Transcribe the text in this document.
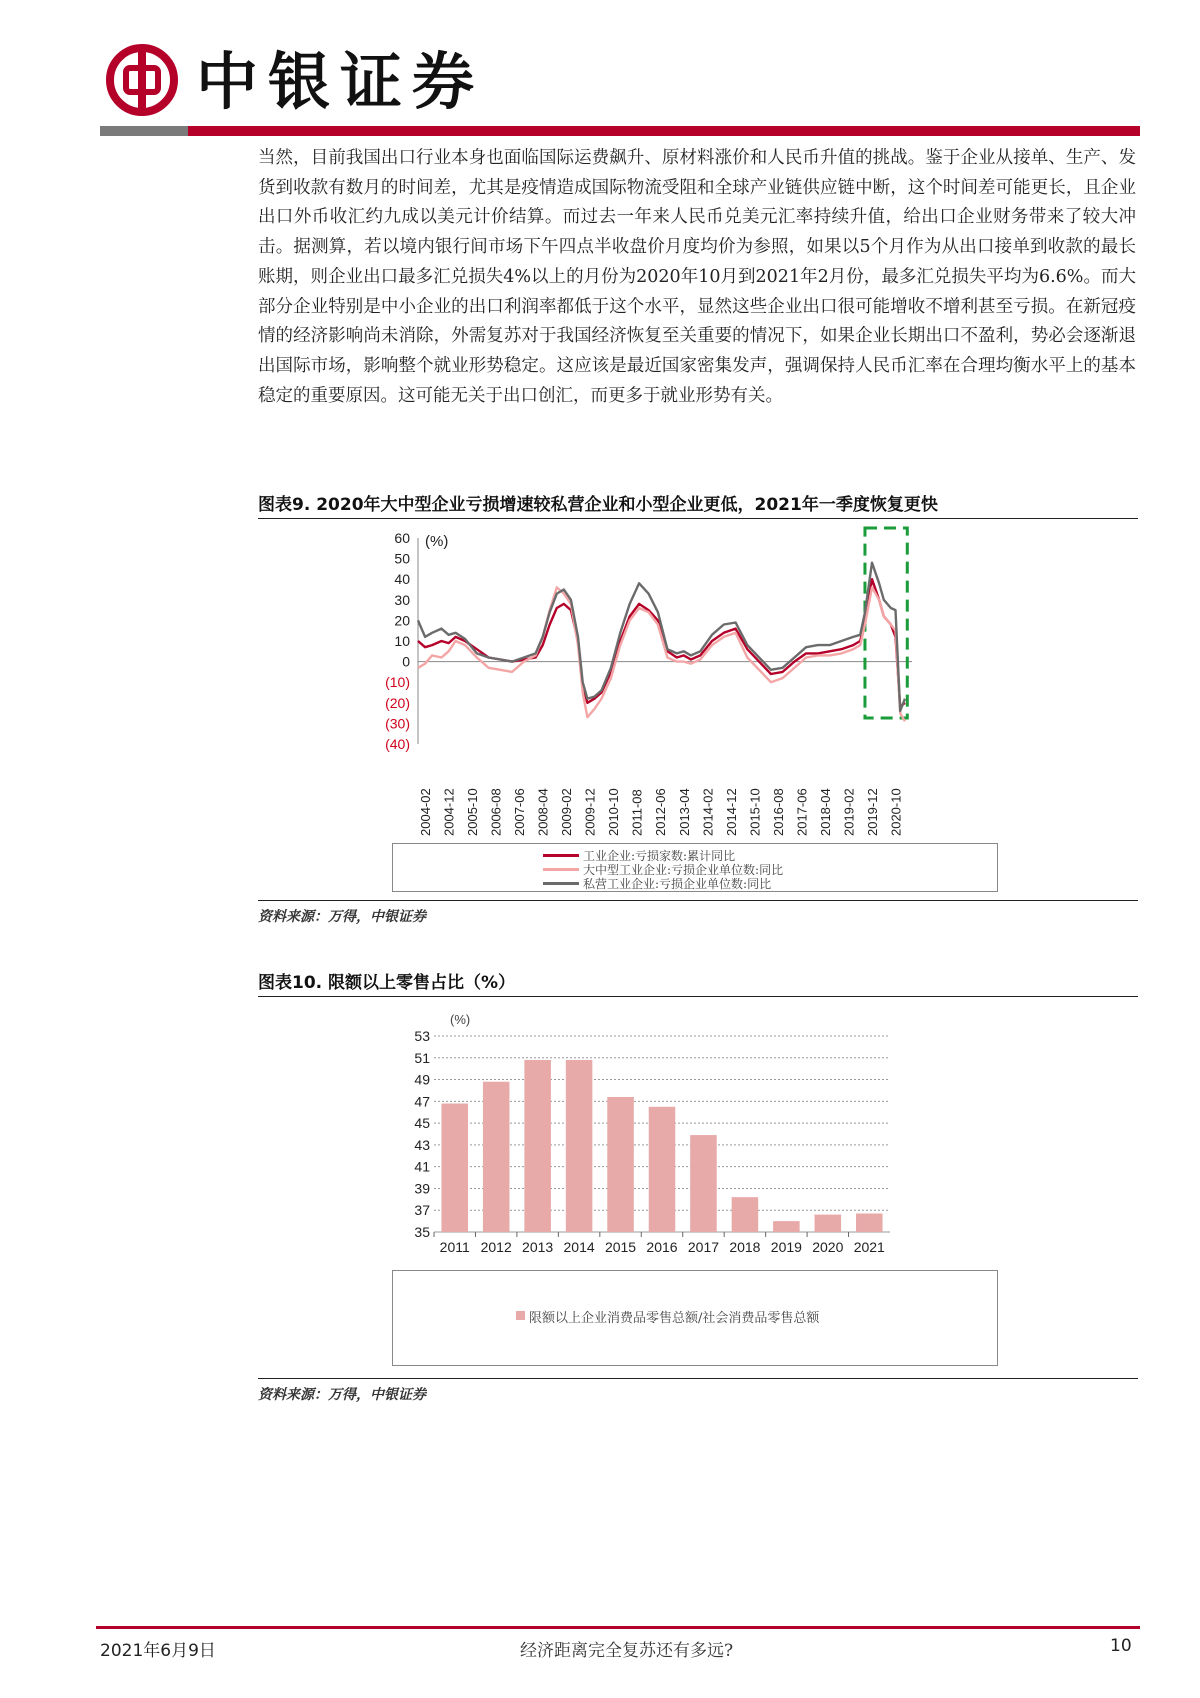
中银证券
当然，目前我国出口行业本身也面临国际运费飙升、原材料涨价和人民币升值的挑战。鉴于企业从接单、生产、发货到收款有数月的时间差，尤其是疫情造成国际物流受阻和全球产业链供应链中断，这个时间差可能更长，且企业出口外币收汇约九成以美元计价结算。而过去一年来人民币兑美元汇率持续升值，给出口企业财务带来了较大冲击。据测算，若以境内银行间市场下午四点半收盘价月度均价为参照，如果以5个月作为从出口接单到收款的最长账期，则企业出口最多汇兑损失4%以上的月份为2020年10月到2021年2月份，最多汇兑损失平均为6.6%。而大部分企业特别是中小企业的出口利润率都低于这个水平，显然这些企业出口很可能增收不增利甚至亏损。在新冠疫情的经济影响尚未消除，外需复苏对于我国经济恢复至关重要的情况下，如果企业长期出口不盈利，势必会逐渐退出国际市场，影响整个就业形势稳定。这应该是最近国家密集发声，强调保持人民币汇率在合理均衡水平上的基本稳定的重要原因。这可能无关于出口创汇，而更多于就业形势有关。
图表9. 2020年大中型企业亏损增速较私营企业和小型企业更低，2021年一季度恢复更快
60
50
40
30
20
10
0
(10)
(20)
(30)
(40)
2004-02 2004-12 2005-10 2006-08 2007-06 2008-04 2009-02 2009-12 2010-10 2011-08 2012-06 2013-04 2014-02 2014-12 2015-10 2016-08 2017-06 2018-04 2019-02 2019-12 2020-10
(%)
工业企业:亏损家数:累计同比
大中型工业企业:亏损企业单位数:同比
私营工业企业:亏损企业单位数:同比
资料来源：万得，中银证券
图表10. 限额以上零售占比（%）
53
51
49
47
45
43
41
39
37
35
2011 2012 2013 2014 2015 2016 2017 2018 2019 2020 2021
(%)
限额以上企业消费品零售总额/社会消费品零售总额
资料来源：万得，中银证券
2021年6月9日	经济距离完全复苏还有多远?	10
